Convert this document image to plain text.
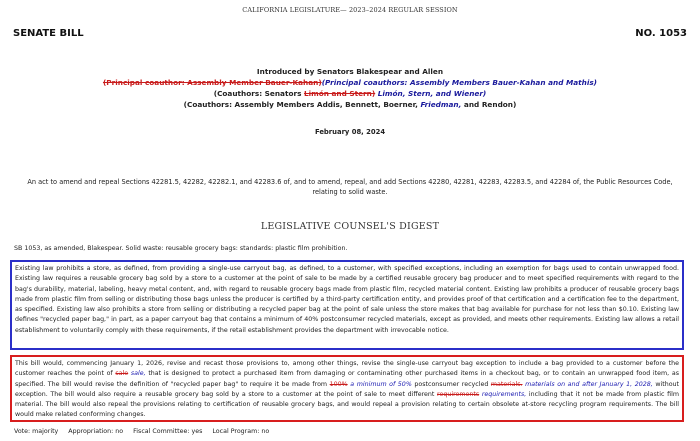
CALIFORNIA LEGISLATURE— 2023–2024 REGULAR SESSION
SENATE BILL	NO. 1053
Introduced by Senators Blakespear and Allen
(Principal coauthor: Assembly Member Bauer-Kahan)(Principal coauthors: Assembly Members Bauer-Kahan and Mathis)
(Coauthors: Senators Limón and Stern) Limón, Stern, and Wiener)
(Coauthors: Assembly Members Addis, Bennett, Boerner, Friedman, and Rendon)
February 08, 2024
An act to amend and repeal Sections 42281.5, 42282, 42282.1, and 42283.6 of, and to amend, repeal, and add Sections 42280, 42281, 42283, 42283.5, and 42284 of, the Public Resources Code, relating to solid waste.
LEGISLATIVE COUNSEL'S DIGEST
SB 1053, as amended, Blakespear. Solid waste: reusable grocery bags: standards: plastic film prohibition.
Existing law prohibits a store, as defined, from providing a single-use carryout bag, as defined, to a customer, with specified exceptions, including an exemption for bags used to contain unwrapped food. Existing law requires a reusable grocery bag sold by a store to a customer at the point of sale to be made by a certified reusable grocery bag producer and to meet specified requirements with regard to the bag's durability, material, labeling, heavy metal content, and, with regard to reusable grocery bags made from plastic film, recycled material content. Existing law prohibits a producer of reusable grocery bags made from plastic film from selling or distributing those bags unless the producer is certified by a third-party certification entity, and provides proof of that certification and a certification fee to the department, as specified. Existing law also prohibits a store from selling or distributing a recycled paper bag at the point of sale unless the store makes that bag available for purchase for not less than $0.10. Existing law defines "recycled paper bag," in part, as a paper carryout bag that contains a minimum of 40% postconsumer recycled materials, except as provided, and meets other requirements. Existing law allows a retail establishment to voluntarily comply with these requirements, if the retail establishment provides the department with irrevocable notice.
This bill would, commencing January 1, 2026, revise and recast those provisions to, among other things, revise the single-use carryout bag exception to include a bag provided to a customer before the customer reaches the point of sale sale, that is designed to protect a purchased item from damaging or contaminating other purchased items in a checkout bag, or to contain an unwrapped food item, as specified. The bill would revise the definition of "recycled paper bag" to require it be made from 100% a minimum of 50% postconsumer recycled materials. materials on and after January 1, 2028, without exception. The bill would also require a reusable grocery bag sold by a store to a customer at the point of sale to meet different requirements requirements, including that it not be made from plastic film material. The bill would also repeal the provisions relating to certification of reusable grocery bags, and would repeal a provision relating to certain obsolete at-store recycling program requirements. The bill would make related conforming changes.
Vote: majority Appropriation: no Fiscal Committee: yes Local Program: no
